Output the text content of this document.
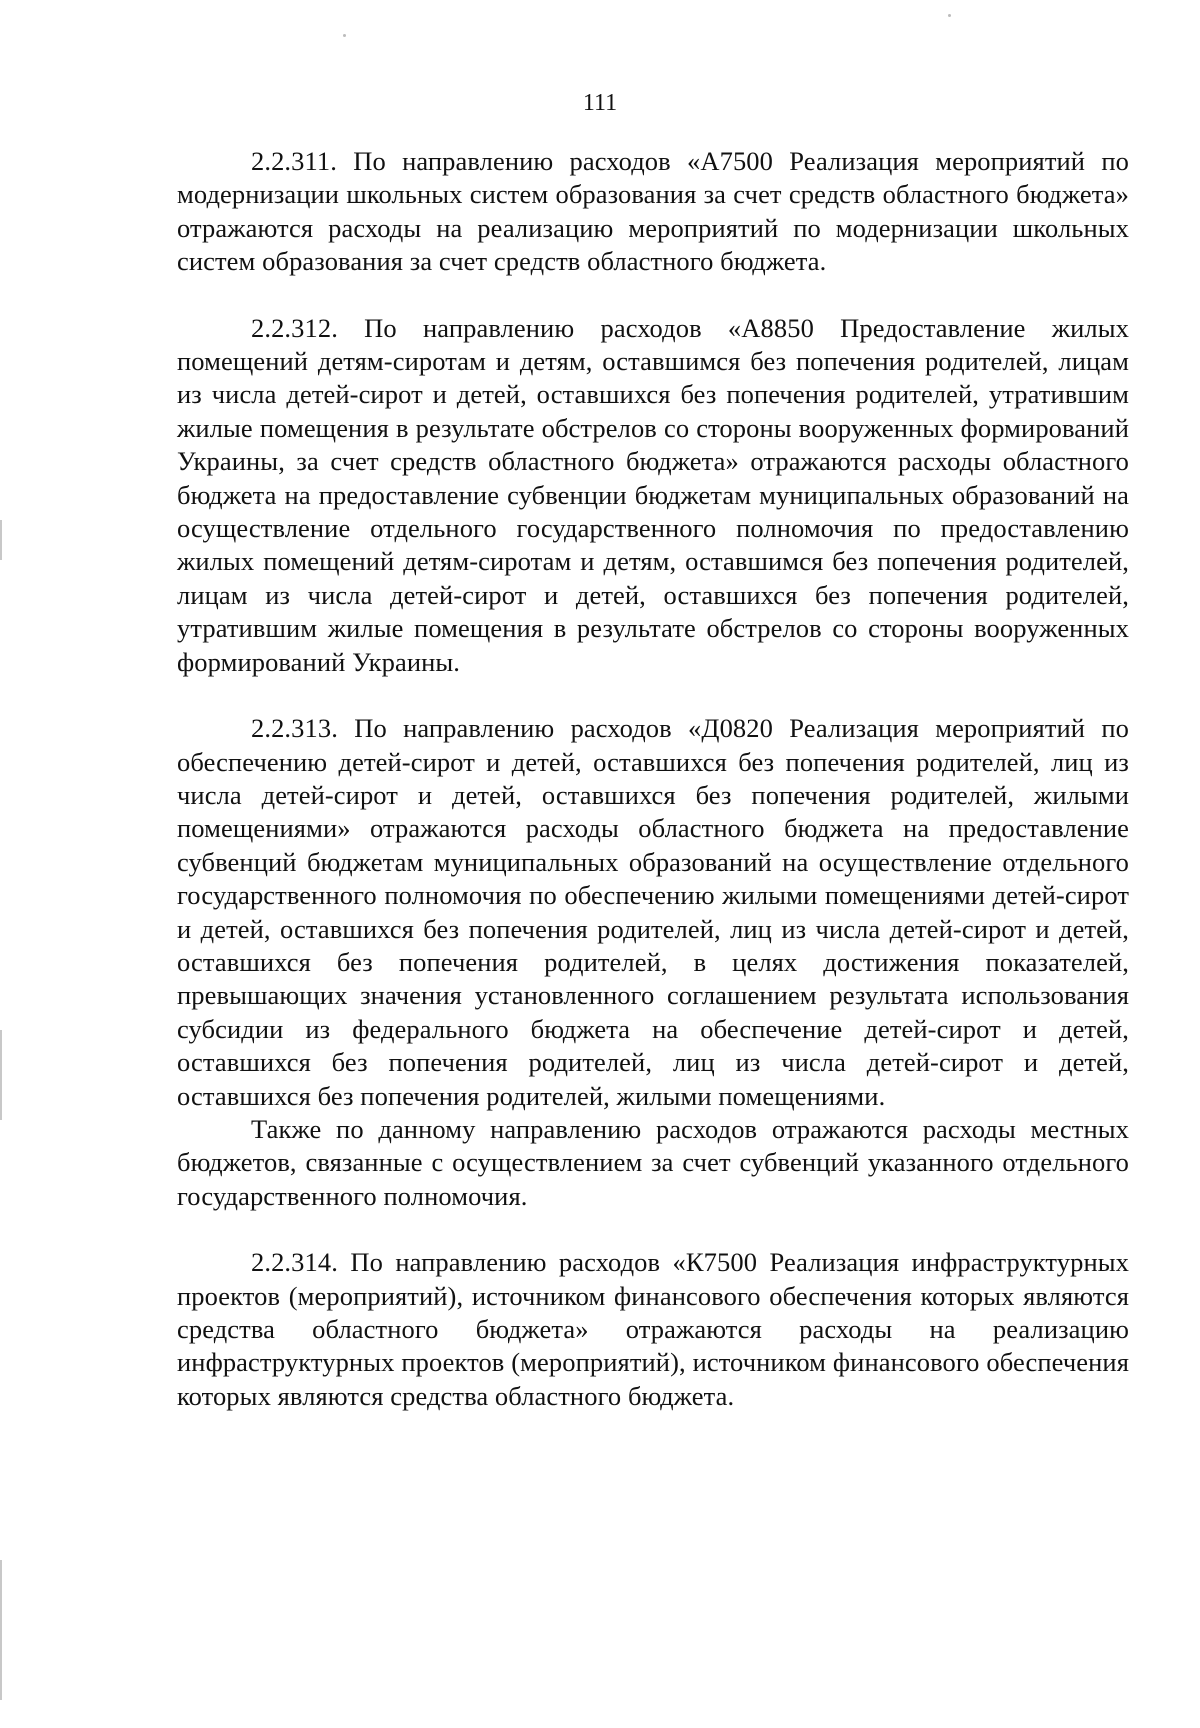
111

2.2.311. По направлению расходов «А7500 Реализация мероприятий по модернизации школьных систем образования за счет средств областного бюджета» отражаются расходы на реализацию мероприятий по модернизации школьных систем образования за счет средств областного бюджета.

2.2.312. По направлению расходов «А8850 Предоставление жилых помещений детям-сиротам и детям, оставшимся без попечения родителей, лицам из числа детей-сирот и детей, оставшихся без попечения родителей, утратившим жилые помещения в результате обстрелов со стороны вооруженных формирований Украины, за счет средств областного бюджета» отражаются расходы областного бюджета на предоставление субвенции бюджетам муниципальных образований на осуществление отдельного государственного полномочия по предоставлению жилых помещений детям-сиротам и детям, оставшимся без попечения родителей, лицам из числа детей-сирот и детей, оставшихся без попечения родителей, утратившим жилые помещения в результате обстрелов со стороны вооруженных формирований Украины.

2.2.313. По направлению расходов «Д0820 Реализация мероприятий по обеспечению детей-сирот и детей, оставшихся без попечения родителей, лиц из числа детей-сирот и детей, оставшихся без попечения родителей, жилыми помещениями» отражаются расходы областного бюджета на предоставление субвенций бюджетам муниципальных образований на осуществление отдельного государственного полномочия по обеспечению жилыми помещениями детей-сирот и детей, оставшихся без попечения родителей, лиц из числа детей-сирот и детей, оставшихся без попечения родителей, в целях достижения показателей, превышающих значения установленного соглашением результата использования субсидии из федерального бюджета на обеспечение детей-сирот и детей, оставшихся без попечения родителей, лиц из числа детей-сирот и детей, оставшихся без попечения родителей, жилыми помещениями.

Также по данному направлению расходов отражаются расходы местных бюджетов, связанные с осуществлением за счет субвенций указанного отдельного государственного полномочия.

2.2.314. По направлению расходов «К7500 Реализация инфраструктурных проектов (мероприятий), источником финансового обеспечения которых являются средства областного бюджета» отражаются расходы на реализацию инфраструктурных проектов (мероприятий), источником финансового обеспечения которых являются средства областного бюджета.
